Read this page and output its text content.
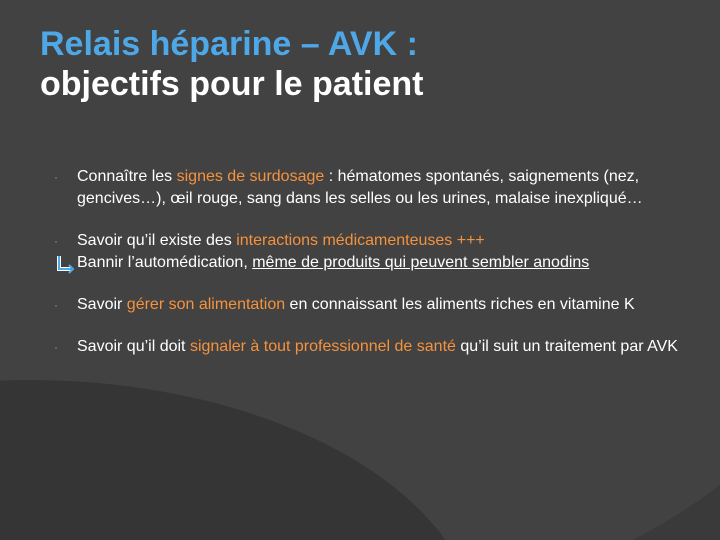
Relais héparine – AVK :
objectifs pour le patient
· Connaître les signes de surdosage : hématomes spontanés, saignements (nez, gencives…), œil rouge, sang dans les selles ou les urines, malaise inexpliqué…
· Savoir qu’il existe des interactions médicamenteuses +++
Bannir l’automédication, même de produits qui peuvent sembler anodins
· Savoir gérer son alimentation en connaissant les aliments riches en vitamine K
· Savoir qu’il doit signaler à tout professionnel de santé qu’il suit un traitement par AVK
